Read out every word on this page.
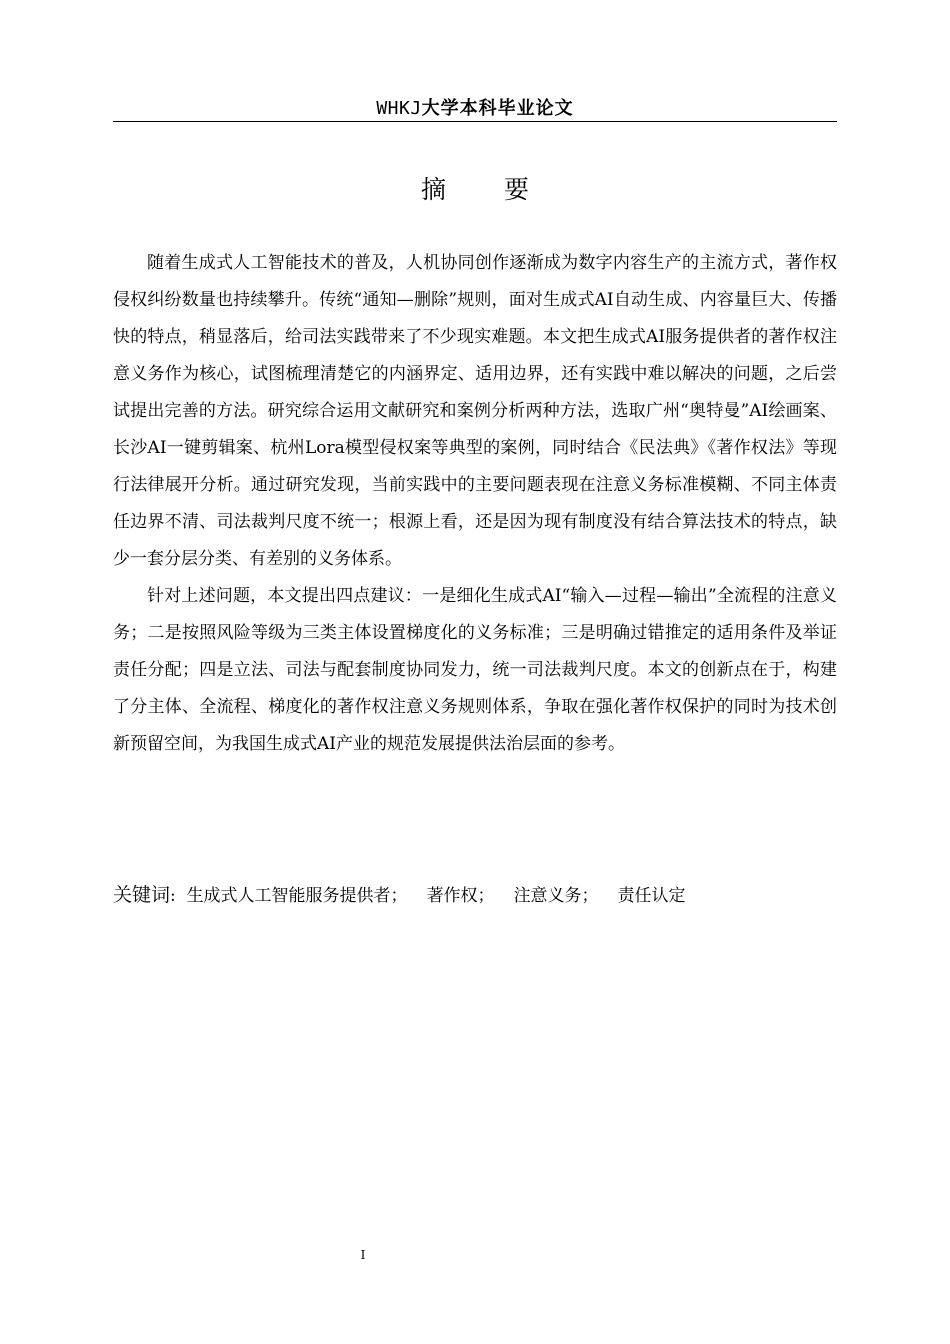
WHKJ大学本科毕业论文
摘要

随着生成式人工智能技术的普及，人机协同创作逐渐成为数字内容生产的主流方式，著作权侵权纠纷数量也持续攀升。传统“通知—删除”规则，面对生成式AI自动生成、内容量巨大、传播快的特点，稍显落后，给司法实践带来了不少现实难题。本文把生成式AI服务提供者的著作权注意义务作为核心，试图梳理清楚它的内涵界定、适用边界，还有实践中难以解决的问题，之后尝试提出完善的方法。研究综合运用文献研究和案例分析两种方法，选取广州“奥特曼”AI绘画案、长沙AI一键剪辑案、杭州Lora模型侵权案等典型的案例，同时结合《民法典》《著作权法》等现行法律展开分析。通过研究发现，当前实践中的主要问题表现在注意义务标准模糊、不同主体责任边界不清、司法裁判尺度不统一；根源上看，还是因为现有制度没有结合算法技术的特点，缺少一套分层分类、有差别的义务体系。

针对上述问题，本文提出四点建议：一是细化生成式AI“输入—过程—输出”全流程的注意义务；二是按照风险等级为三类主体设置梯度化的义务标准；三是明确过错推定的适用条件及举证责任分配；四是立法、司法与配套制度协同发力，统一司法裁判尺度。本文的创新点在于，构建了分主体、全流程、梯度化的著作权注意义务规则体系，争取在强化著作权保护的同时为技术创新预留空间，为我国生成式AI产业的规范发展提供法治层面的参考。

关键词: 生成式人工智能服务提供者； 著作权； 注意义务； 责任认定
I
